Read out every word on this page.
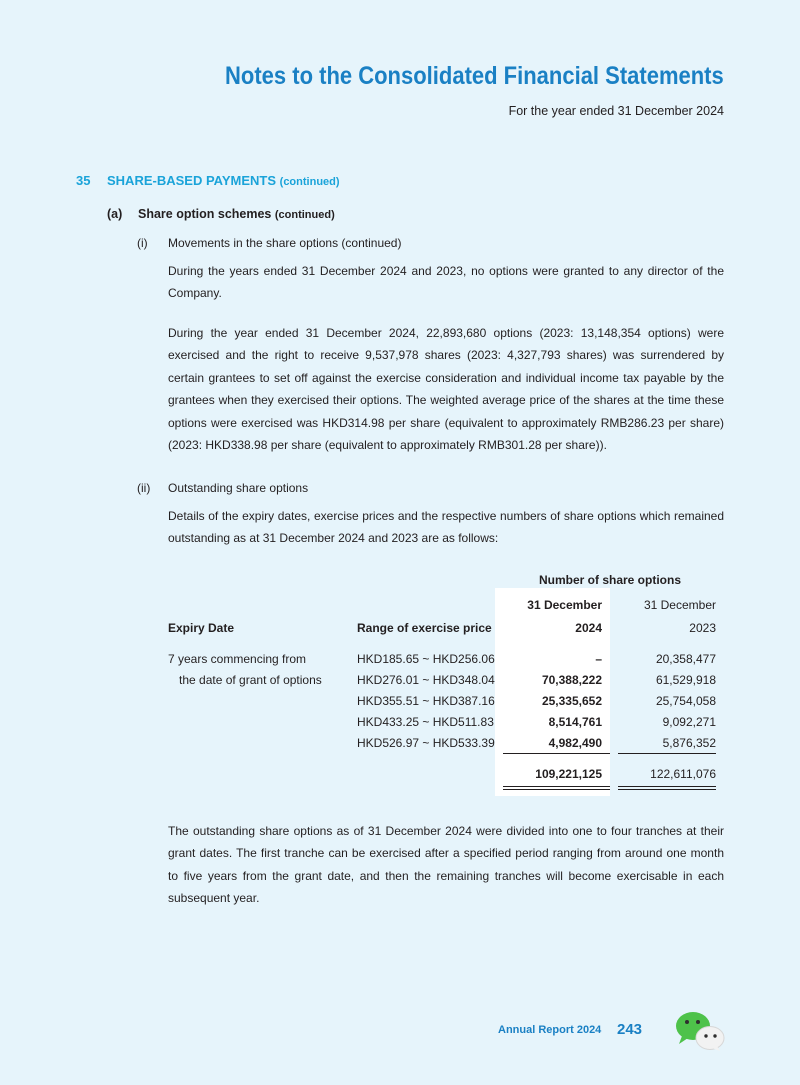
Notes to the Consolidated Financial Statements
For the year ended 31 December 2024
35 SHARE-BASED PAYMENTS (continued)
(a) Share option schemes (continued)
(i) Movements in the share options (continued)

During the years ended 31 December 2024 and 2023, no options were granted to any director of the Company.

During the year ended 31 December 2024, 22,893,680 options (2023: 13,148,354 options) were exercised and the right to receive 9,537,978 shares (2023: 4,327,793 shares) was surrendered by certain grantees to set off against the exercise consideration and individual income tax payable by the grantees when they exercised their options. The weighted average price of the shares at the time these options were exercised was HKD314.98 per share (equivalent to approximately RMB286.23 per share) (2023: HKD338.98 per share (equivalent to approximately RMB301.28 per share)).

(ii) Outstanding share options

Details of the expiry dates, exercise prices and the respective numbers of share options which remained outstanding as at 31 December 2024 and 2023 are as follows:

Number of share options
31 December	31 December
Expiry Date	Range of exercise price	2024	2023
7 years commencing from
the date of grant of options
HKD185.65 ~ HKD256.06	–	20,358,477
HKD276.01 ~ HKD348.04	70,388,222	61,529,918
HKD355.51 ~ HKD387.16	25,335,652	25,754,058
HKD433.25 ~ HKD511.83	8,514,761	9,092,271
HKD526.97 ~ HKD533.39	4,982,490	5,876,352
109,221,125	122,611,076

The outstanding share options as of 31 December 2024 were divided into one to four tranches at their grant dates. The first tranche can be exercised after a specified period ranging from around one month to five years from the grant date, and then the remaining tranches will become exercisable in each subsequent year.

Annual Report 2024 243
